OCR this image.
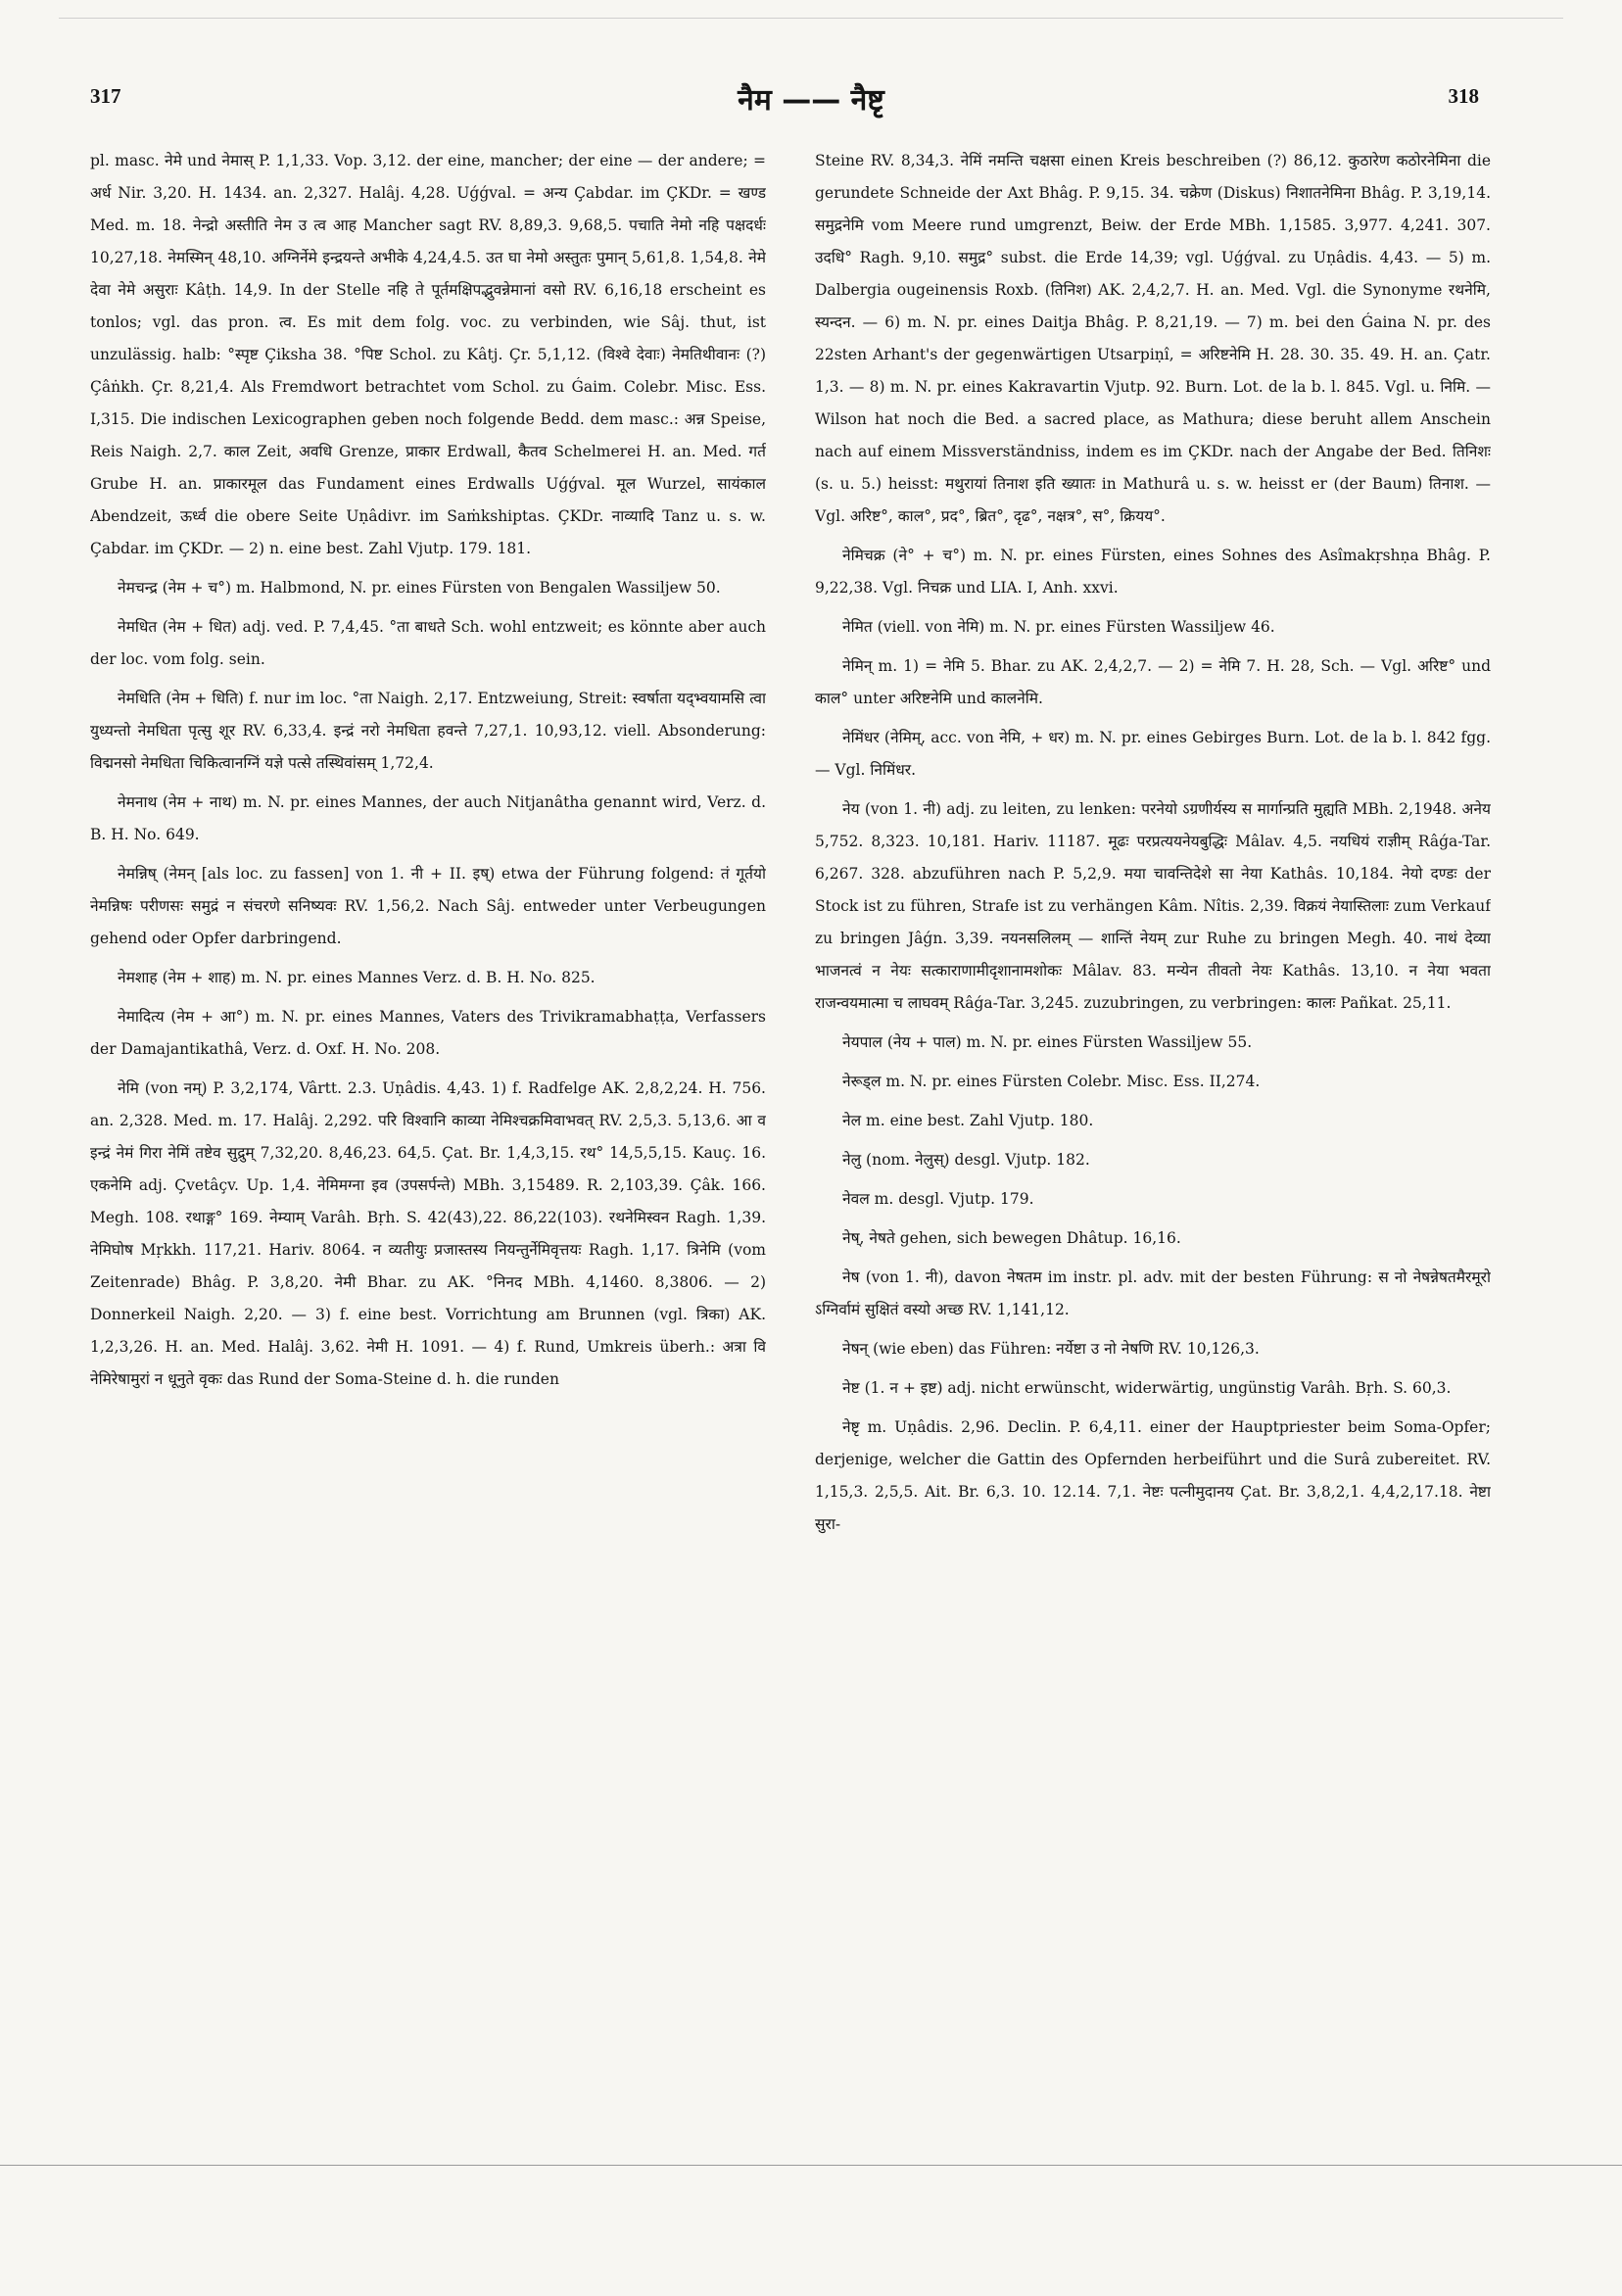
317	नैम —— नैष्टृ	318

pl. masc. नेमे und नेमास् P. 1,1,33. Vop. 3,12. der eine, mancher; der eine — der andere; = अर्ध Nir. 3,20. H. 1434. an. 2,327. Halâj. 4,28. Uǵǵval. = अन्य Çabdar. im ÇKDr. = खण्ड Med. m. 18. नेन्द्रो अस्तीति नेम उ त्व आह Mancher sagt RV. 8,89,3. 9,68,5. पचाति नेमो नहि पक्षदर्धः 10,27,18. नेमस्मिन् 48,10. अग्निर्नेमे इन्द्रयन्ते अभीके 4,24,4.5. उत घा नेमो अस्तुतः पुमान् 5,61,8. 1,54,8. नेमे देवा नेमे असुराः Kâṭh. 14,9. In der Stelle नहि ते पूर्तमक्षिपद्भुवन्नेमानां वसो RV. 6,16,18 erscheint es tonlos; vgl. das pron. त्व. Es mit dem folg. voc. zu verbinden, wie Sâj. thut, ist unzulässig. halb: °स्पृष्ट Çiksha 38. °पिष्ट Schol. zu Kâtj. Çr. 5,1,12. (विश्वे देवाः) नेमतिथीवानः (?) Çâṅkh. Çr. 8,21,4. Als Fremdwort betrachtet vom Schol. zu Ǵaim. Colebr. Misc. Ess. I,315. Die indischen Lexicographen geben noch folgende Bedd. dem masc.: अन्न Speise, Reis Naigh. 2,7. काल Zeit, अवधि Grenze, प्राकार Erdwall, कैतव Schelmerei H. an. Med. गर्त Grube H. an. प्राकारमूल das Fundament eines Erdwalls Uǵǵval. मूल Wurzel, सायंकाल Abendzeit, ऊर्ध्व die obere Seite Uṇâdivr. im Saṁkshiptas. ÇKDr. नाव्यादि Tanz u. s. w. Çabdar. im ÇKDr. — 2) n. eine best. Zahl Vjutp. 179. 181.

नेमचन्द्र (नेम + च°) m. Halbmond, N. pr. eines Fürsten von Bengalen Wassiljew 50.

नेमधित (नेम + धित) adj. ved. P. 7,4,45. °ता बाधते Sch. wohl entzweit; es könnte aber auch der loc. vom folg. sein.

नेमधिति (नेम + धिति) f. nur im loc. °ता Naigh. 2,17. Entzweiung, Streit: स्वर्षाता यद्भ्वयामसि त्वा युध्यन्तो नेमधिता पृत्सु शूर RV. 6,33,4. इन्द्रं नरो नेमधिता हवन्ते 7,27,1. 10,93,12. viell. Absonderung: विद्मनसो नेमधिता चिकित्वानग्निं यज्ञे पत्से तस्थिवांसम् 1,72,4.

नेमनाथ (नेम + नाथ) m. N. pr. eines Mannes, der auch Nitjanâtha genannt wird, Verz. d. B. H. No. 649.

नेमन्निष् (नेमन् [als loc. zu fassen] von 1. नी + II. इष्) etwa der Führung folgend: तं गूर्तयो नेमन्निषः परीणसः समुद्रं न संचरणे सनिष्यवः RV. 1,56,2. Nach Sâj. entweder unter Verbeugungen gehend oder Opfer darbringend.

नेमशाह (नेम + शाह) m. N. pr. eines Mannes Verz. d. B. H. No. 825.

नेमादित्य (नेम + आ°) m. N. pr. eines Mannes, Vaters des Trivikramabhaṭṭa, Verfassers der Damajantikathâ, Verz. d. Oxf. H. No. 208.

नेमि (von नम्) P. 3,2,174, Vârtt. 2.3. Uṇâdis. 4,43. 1) f. Radfelge AK. 2,8,2,24. H. 756. an. 2,328. Med. m. 17. Halâj. 2,292. परि विश्वानि काव्या नेमिश्चक्रमिवाभवत् RV. 2,5,3. 5,13,6. आ व इन्द्रं नेमं गिरा नेमिं तष्टेव सुद्रुम् 7,32,20. 8,46,23. 64,5. Çat. Br. 1,4,3,15. रथ° 14,5,5,15. Kauç. 16. एकनेमि adj. Çvetâçv. Up. 1,4. नेमिमग्ना इव (उपसर्पन्ते) MBh. 3,15489. R. 2,103,39. Çâk. 166. Megh. 108. रथाङ्ग° 169. नेम्याम् Varâh. Bṛh. S. 42(43),22. 86,22(103). रथनेमिस्वन Ragh. 1,39. नेमिघोष Mṛkkh. 117,21. Hariv. 8064. न व्यतीयुः प्रजास्तस्य नियन्तुर्नेमिवृत्तयः Ragh. 1,17. त्रिनेमि (vom Zeitenrade) Bhâg. P. 3,8,20. नेमी Bhar. zu AK. °निनद MBh. 4,1460. 8,3806. — 2) Donnerkeil Naigh. 2,20. — 3) f. eine best. Vorrichtung am Brunnen (vgl. त्रिका) AK. 1,2,3,26. H. an. Med. Halâj. 3,62. नेमी H. 1091. — 4) f. Rund, Umkreis überh.: अत्रा वि नेमिरेषामुरां न धूनुते वृकः das Rund der Soma-Steine d. h. die runden

Steine RV. 8,34,3. नेमिं नमन्ति चक्षसा einen Kreis beschreiben (?) 86,12. कुठारेण कठोरनेमिना die gerundete Schneide der Axt Bhâg. P. 9,15. 34. चक्रेण (Diskus) निशातनेमिना Bhâg. P. 3,19,14. समुद्रनेमि vom Meere rund umgrenzt, Beiw. der Erde MBh. 1,1585. 3,977. 4,241. 307. उदधि° Ragh. 9,10. समुद्र° subst. die Erde 14,39; vgl. Uǵǵval. zu Uṇâdis. 4,43. — 5) m. Dalbergia ougeinensis Roxb. (तिनिश) AK. 2,4,2,7. H. an. Med. Vgl. die Synonyme रथनेमि, स्यन्दन. — 6) m. N. pr. eines Daitja Bhâg. P. 8,21,19. — 7) m. bei den Ǵaina N. pr. des 22sten Arhant's der gegenwärtigen Utsarpiṇî, = अरिष्टनेमि H. 28. 30. 35. 49. H. an. Çatr. 1,3. — 8) m. N. pr. eines Kakravartin Vjutp. 92. Burn. Lot. de la b. l. 845. Vgl. u. निमि. — Wilson hat noch die Bed. a sacred place, as Mathura; diese beruht allem Anschein nach auf einem Missverständniss, indem es im ÇKDr. nach der Angabe der Bed. तिनिशः (s. u. 5.) heisst: मथुरायां तिनाश इति ख्यातः in Mathurâ u. s. w. heisst er (der Baum) तिनाश. — Vgl. अरिष्ट°, काल°, प्रद°, ब्रित°, दृढ°, नक्षत्र°, स°, क्रियय°.

नेमिचक्र (ने° + च°) m. N. pr. eines Fürsten, eines Sohnes des Asîmakṛshṇa Bhâg. P. 9,22,38. Vgl. निचक्र und LIA. I, Anh. xxvi.

नेमित (viell. von नेमि) m. N. pr. eines Fürsten Wassiljew 46.

नेमिन् m. 1) = नेमि 5. Bhar. zu AK. 2,4,2,7. — 2) = नेमि 7. H. 28, Sch. — Vgl. अरिष्ट° und काल° unter अरिष्टनेमि und कालनेमि.

नेमिंधर (नेमिम्, acc. von नेमि, + धर) m. N. pr. eines Gebirges Burn. Lot. de la b. l. 842 fgg. — Vgl. निमिंधर.

नेय (von 1. नी) adj. zu leiten, zu lenken: परनेयो ऽग्रणीर्यस्य स मार्गान्प्रति मुह्यति MBh. 2,1948. अनेय 5,752. 8,323. 10,181. Hariv. 11187. मूढः परप्रत्ययनेयबुद्धिः Mâlav. 4,5. नयधियं राज्ञीम् Râǵa-Tar. 6,267. 328. abzuführen nach P. 5,2,9. मया चावन्तिदेशे सा नेया Kathâs. 10,184. नेयो दण्डः der Stock ist zu führen, Strafe ist zu verhängen Kâm. Nîtis. 2,39. विक्रयं नेयास्तिलाः zum Verkauf zu bringen Jâǵn. 3,39. नयनसलिलम् — शान्तिं नेयम् zur Ruhe zu bringen Megh. 40. नाथं देव्या भाजनत्वं न नेयः सत्काराणामीदृशानामशोकः Mâlav. 83. मन्येन तीवतो नेयः Kathâs. 13,10. न नेया भवता राजन्वयमात्मा च लाघवम् Râǵa-Tar. 3,245. zuzubringen, zu verbringen: कालः Pañkat. 25,11.

नेयपाल (नेय + पाल) m. N. pr. eines Fürsten Wassiljew 55.

नेरूड्ल m. N. pr. eines Fürsten Colebr. Misc. Ess. II,274.

नेल m. eine best. Zahl Vjutp. 180.

नेलु (nom. नेलुस्) desgl. Vjutp. 182.

नेवल m. desgl. Vjutp. 179.

नेष्, नेषते gehen, sich bewegen Dhâtup. 16,16.

नेष (von 1. नी), davon नेषतम im instr. pl. adv. mit der besten Führung: स नो नेषन्नेषतमैरमूरो ऽग्निर्वामं सुक्षितं वस्यो अच्छ RV. 1,141,12.

नेषन् (wie eben) das Führen: नर्येष्टा उ नो नेषणि RV. 10,126,3.

नेष्ट (1. न + इष्ट) adj. nicht erwünscht, widerwärtig, ungünstig Varâh. Bṛh. S. 60,3.

नेष्टृ m. Uṇâdis. 2,96. Declin. P. 6,4,11. einer der Hauptpriester beim Soma-Opfer; derjenige, welcher die Gattin des Opfernden herbeiführt und die Surâ zubereitet. RV. 1,15,3. 2,5,5. Ait. Br. 6,3. 10. 12.14. 7,1. नेष्टः पत्नीमुदानय Çat. Br. 3,8,2,1. 4,4,2,17.18. नेष्टा सुरा-
